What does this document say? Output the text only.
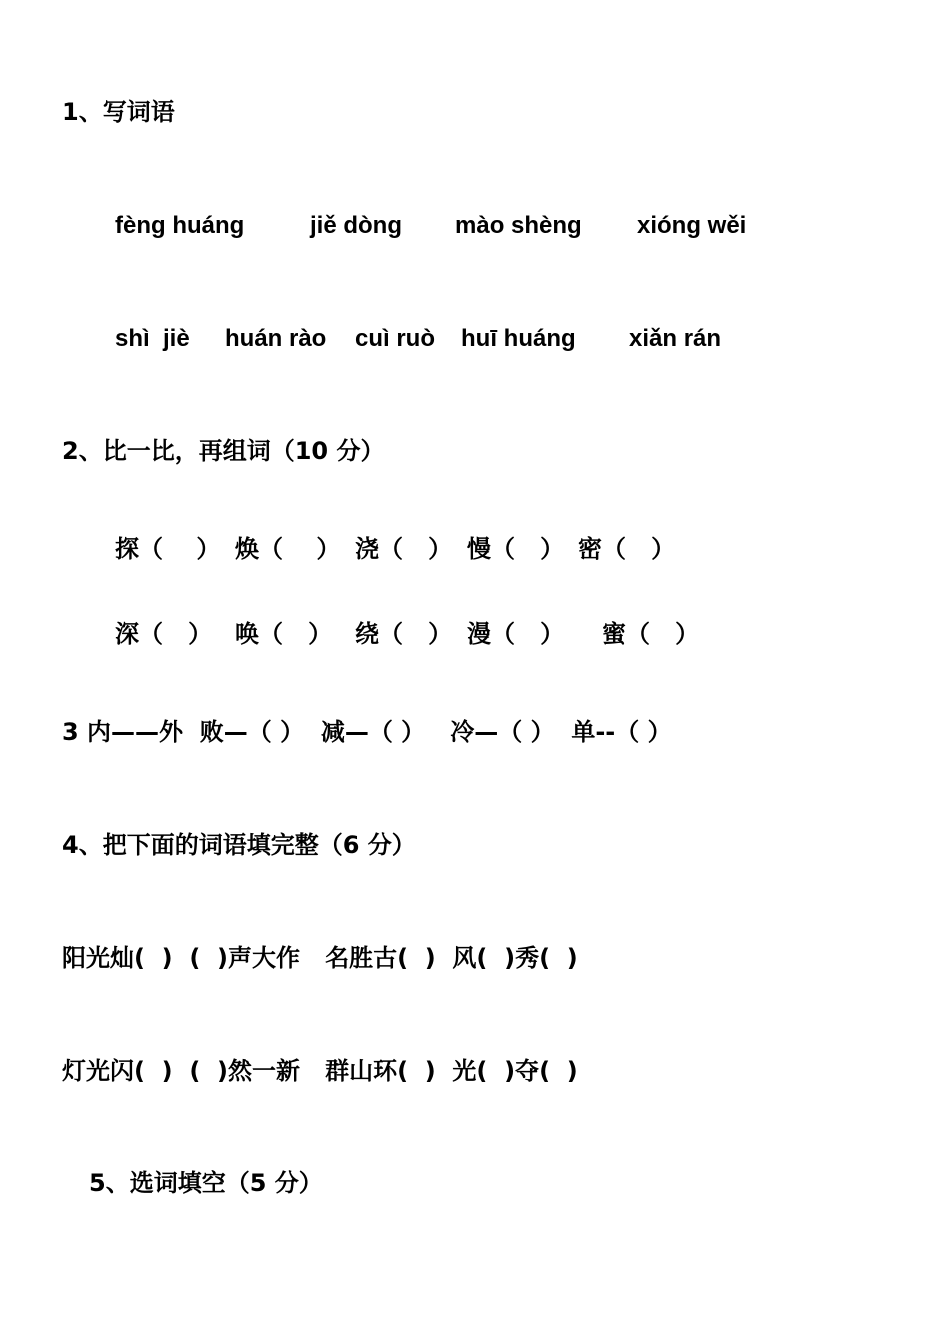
1、写词语
fènɡ huánɡ	jiě dònɡ mào shènɡ xiónɡ wěi
shì  jiè huán rào cuì ruò huī huánɡ xiǎn rán
2、比一比，再组词（10 分）
探（    ） 焕（    ） 浇（   ） 慢（   ） 密（   ）
深（   ） 唤（   ） 绕（   ） 漫（   ） 蜜（   ）
3 内——外  败—（ ）  减—（ ）   冷—（ ）  单--（ ）
4、把下面的词语填完整（6 分）
阳光灿(  )  (  )声大作   名胜古(  )  风(  )秀(  )
灯光闪(  )  (  )然一新   群山环(  )  光(  )夺(  )
5、选词填空（5 分）
